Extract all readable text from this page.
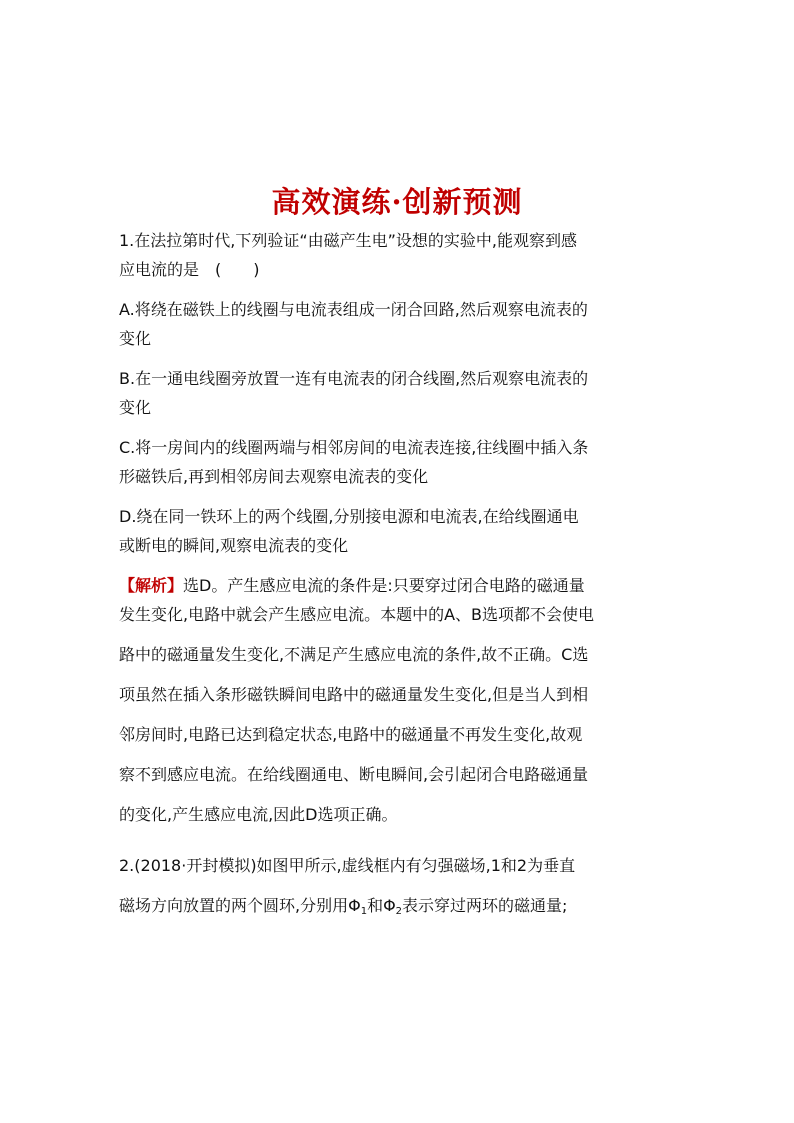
高效演练·创新预测
1.在法拉第时代,下列验证“由磁产生电”设想的实验中,能观察到感
应电流的是　(　　)
A.将绕在磁铁上的线圈与电流表组成一闭合回路,然后观察电流表的
变化
B.在一通电线圈旁放置一连有电流表的闭合线圈,然后观察电流表的
变化
C.将一房间内的线圈两端与相邻房间的电流表连接,往线圈中插入条
形磁铁后,再到相邻房间去观察电流表的变化
D.绕在同一铁环上的两个线圈,分别接电源和电流表,在给线圈通电
或断电的瞬间,观察电流表的变化
【解析】选D。产生感应电流的条件是:只要穿过闭合电路的磁通量
发生变化,电路中就会产生感应电流。本题中的A、B选项都不会使电
路中的磁通量发生变化,不满足产生感应电流的条件,故不正确。C选
项虽然在插入条形磁铁瞬间电路中的磁通量发生变化,但是当人到相
邻房间时,电路已达到稳定状态,电路中的磁通量不再发生变化,故观
察不到感应电流。在给线圈通电、断电瞬间,会引起闭合电路磁通量
的变化,产生感应电流,因此D选项正确。
2.(2018·开封模拟)如图甲所示,虚线框内有匀强磁场,1和2为垂直
磁场方向放置的两个圆环,分别用$\Phi_1$和$\Phi_2$表示穿过两环的磁通量;
